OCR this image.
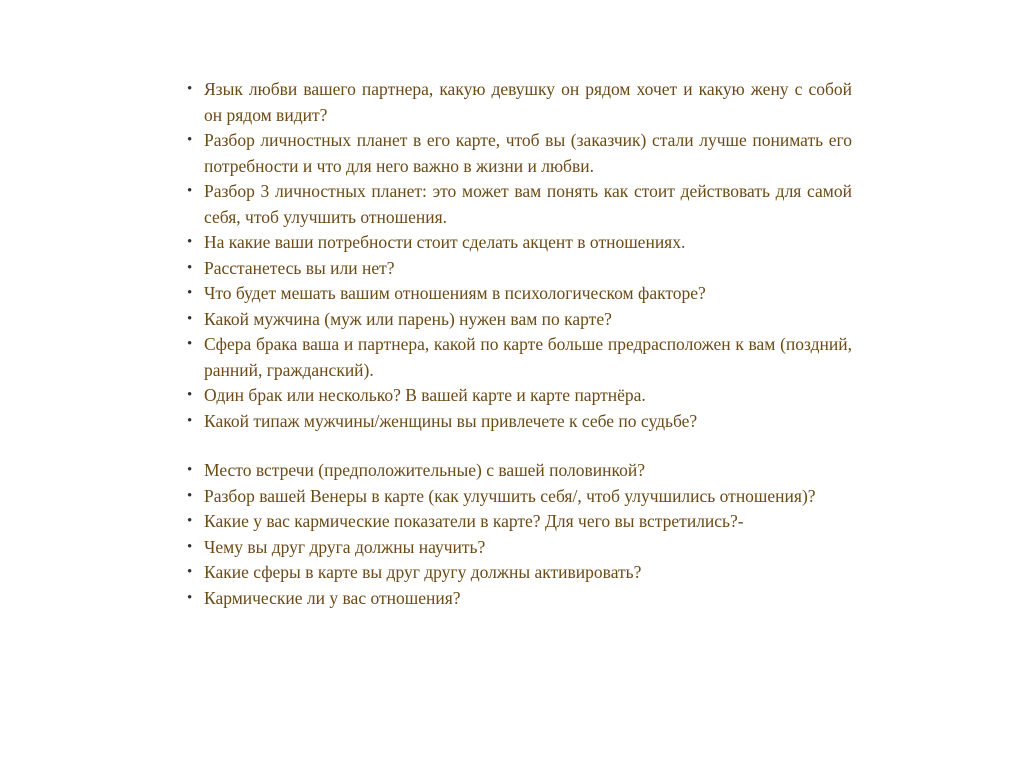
• Язык любви вашего партнера, какую девушку он рядом хочет и какую жену с собой он рядом видит?
• Разбор личностных планет в его карте, чтоб вы (заказчик) стали лучше понимать его потребности и что для него важно в жизни и любви.
• Разбор 3 личностных планет: это может вам понять как стоит действовать для самой себя, чтоб улучшить отношения.
• На какие ваши потребности стоит сделать акцент в отношениях.
• Расстанетесь вы или нет?
• Что будет мешать вашим отношениям в психологическом факторе?
• Какой мужчина (муж или парень) нужен вам по карте?
• Сфера брака ваша и партнера, какой по карте больше предрасположен к вам (поздний, ранний, гражданский).
• Один брак или несколько? В вашей карте и карте партнёра.
• Какой типаж мужчины/женщины вы привлечете к себе по судьбе?
• Место встречи (предположительные) с вашей половинкой?
• Разбор вашей Венеры в карте (как улучшить себя/, чтоб улучшились отношения)?
• Какие у вас кармические показатели в карте? Для чего вы встретились?-
• Чему вы друг друга должны научить?
• Какие сферы в карте вы друг другу должны активировать?
• Кармические ли у вас отношения?
